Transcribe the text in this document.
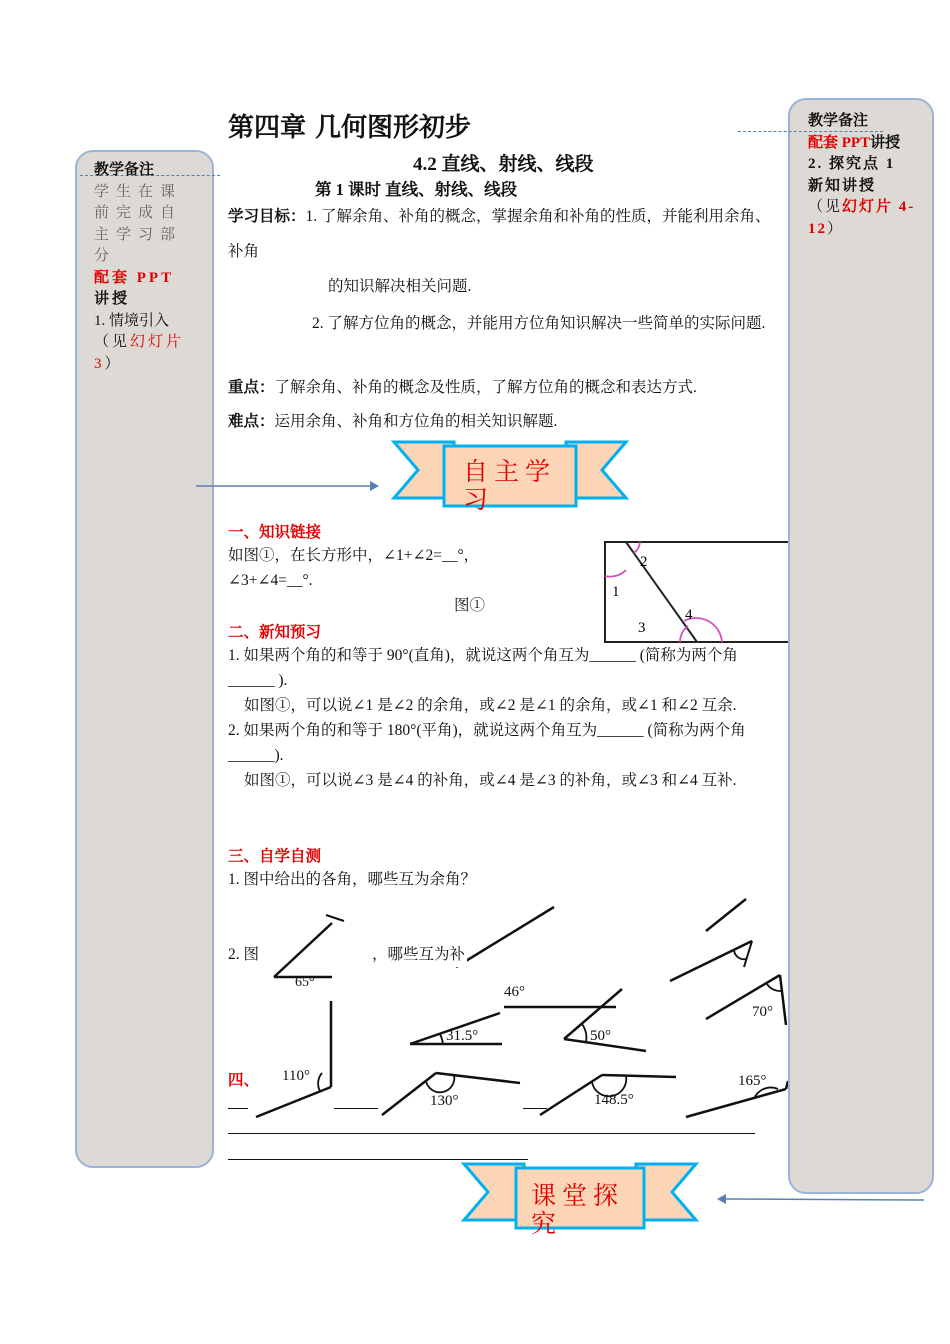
教学备注
学生在课前完成自主学习部分
配套 PPT 讲授
1. 情境引入
（见幻灯片 3）
教学备注
配套 PPT讲授
2. 探究点 1 新知讲授
（见幻灯片 4-12）
第四章 几何图形初步
4.2 直线、射线、线段
第 1 课时 直线、射线、线段
学习目标：1. 了解余角、补角的概念，掌握余角和补角的性质，并能利用余角、补角
的知识解决相关问题.
2. 了解方位角的概念，并能用方位角知识解决一些简单的实际问题.
重点：了解余角、补角的概念及性质，了解方位角的概念和表达方式.
难点：运用余角、补角和方位角的相关知识解题.
自主学习
一、知识链接
如图①，在长方形中，∠1+∠2=__°，
∠3+∠4=__°.
图①
1
2
3
4
二、新知预习
1. 如果两个角的和等于 90°(直角)，就说这两个角互为______ (简称为两个角______ ).
如图①，可以说∠1 是∠2 的余角，或∠2 是∠1 的余角，或∠1 和∠2 互余.
2. 如果两个角的和等于 180°(平角)，就说这两个角互为______ (简称为两个角______).
如图①，可以说∠3 是∠4 的补角，或∠4 是∠3 的补角，或∠3 和∠4 互补.
三、自学自测
1. 图中给出的各角，哪些互为余角？
65°
46°
70°
31.5°	50°
110°
130°	148.5°
165°
2. 图	，哪些互为补
四、
课堂探究
